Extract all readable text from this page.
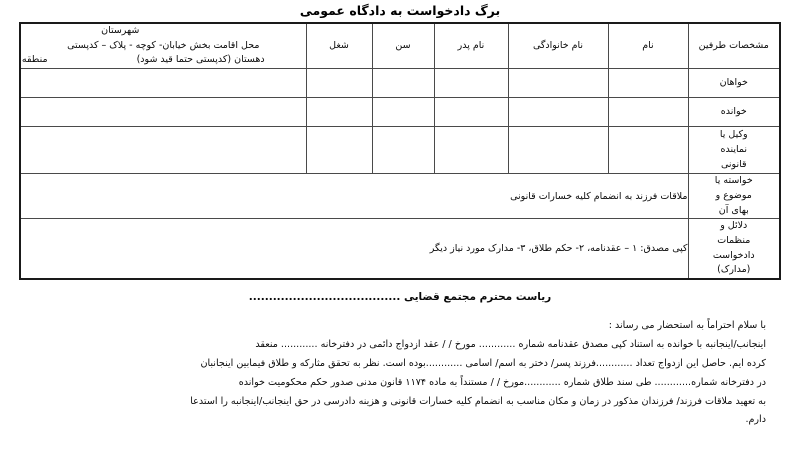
برگ دادخواست به دادگاه عمومی
مشخصات طرفین	نام	نام خانوادگی	نام پدر	سن	شغل	شهرستان محل اقامت بخش خیابان- کوچه - پلاک – کدپستی دهستان (کدپستی حتما قید شود) منطقه
خواهان						
خوانده						
وکیل یا
نماینده
قانونی						
خواسته یا
موضوع و
بهای آن	ملاقات فرزند به انضمام کلیه خسارات قانونی					

دلائل و
منظمات
دادخواست
(مدارک)	کپی مصدق: ۱ – عقدنامه، ۲- حکم طلاق، ۳- مدارک مورد نیاز دیگر					
ریاست محترم مجتمع قضایی ......................................
با سلام احتراماً به استحضار می رساند :
اینجانب/اینجانبه با خوانده به استناد کپی مصدق عقدنامه شماره ............ مورخ / / عقد ازدواج دائمی در دفترخانه ............ منعقد
کرده ایم. حاصل این ازدواج تعداد ............فرزند پسر/ دختر به اسم/ اسامی ............بوده است. نظر به تحقق مثارکه و طلاق فیمابین اینجانبان
در دفترخانه شماره............ طی سند طلاق شماره ............مورخ / / مستنداً به ماده ۱۱۷۴ قانون مدنی صدور حکم محکومیت خوانده
به تعهید ملاقات فرزند/ فرزندان مذکور در زمان و مکان مناسب به انضمام کلیه خسارات قانونی و هزینه دادرسی در حق اینجانب/اینجانبه را استدعا
دارم.
